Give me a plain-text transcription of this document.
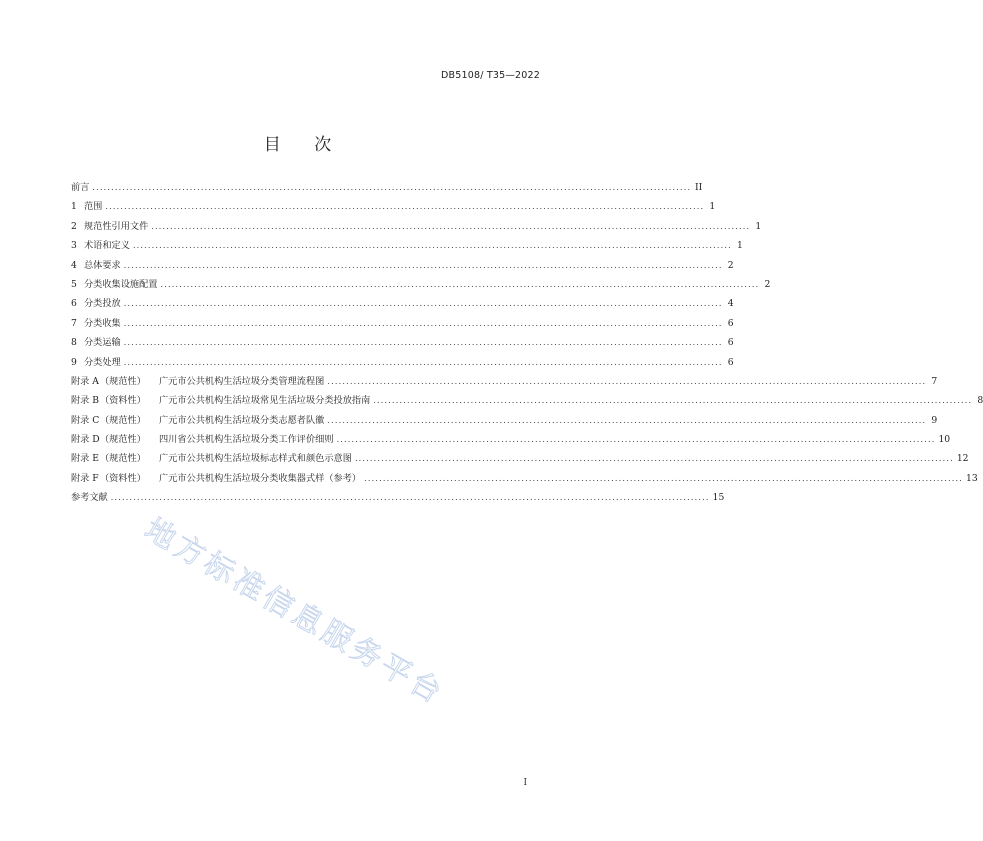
DB5108/ T35—2022
目 次
前言 ................................................................................................................................................................ II
1 范围 ................................................................................................................................................................ 1
2 规范性引用文件 ................................................................................................................................................................ 1
3 术语和定义 ................................................................................................................................................................ 1
4 总体要求 ................................................................................................................................................................ 2
5 分类收集设施配置 ................................................................................................................................................................ 2
6 分类投放 ................................................................................................................................................................ 4
7 分类收集 ................................................................................................................................................................ 6
8 分类运输 ................................................................................................................................................................ 6
9 分类处理 ................................................................................................................................................................ 6
附录 A （规范性）	广元市公共机构生活垃圾分类管理流程图 ................................................................................................................................................................ 7
附录 B （资料性）	广元市公共机构生活垃圾常见生活垃圾分类投放指南 ................................................................................................................................................................ 8
附录 C （规范性）	广元市公共机构生活垃圾分类志愿者队徽 ................................................................................................................................................................ 9
附录 D （规范性）	四川省公共机构生活垃圾分类工作评价细则 ................................................................................................................................................................ 10
附录 E （规范性）	广元市公共机构生活垃圾标志样式和颜色示意图 ................................................................................................................................................................ 12
附录 F （资料性）	广元市公共机构生活垃圾分类收集器式样（参考） ................................................................................................................................................................ 13
参考文献 ................................................................................................................................................................ 15
地方标准信息服务平台
I
